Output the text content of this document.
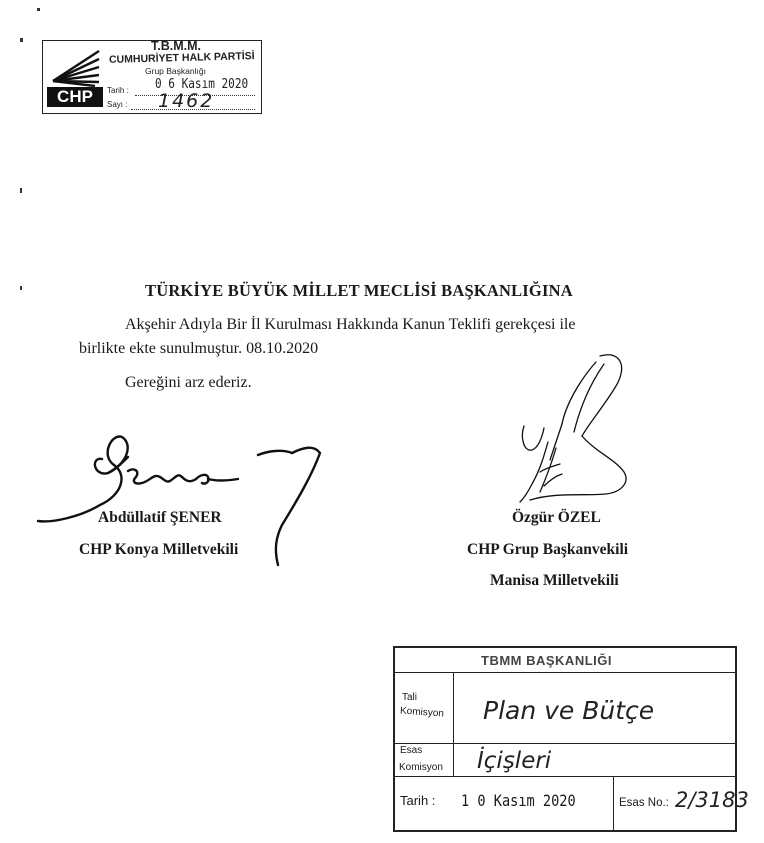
CHP
T.B.M.M.
CUMHURİYET HALK PARTİSİ
Grup Başkanlığı
Tarih : 0 6 Kasım 2020
Sayı : 1462
TÜRKİYE BÜYÜK MİLLET MECLİSİ BAŞKANLIĞINA
Akşehir Adıyla Bir İl Kurulması Hakkında Kanun Teklifi gerekçesi ile
birlikte ekte sunulmuştur. 08.10.2020
Gereğini arz ederiz.
Abdüllatif ŞENER
CHP Konya Milletvekili
Özgür ÖZEL
CHP Grup Başkanvekili
Manisa Milletvekili
TBMM BAŞKANLIĞI
Tali
Komisyon Plan ve Bütçe
Esas
Komisyon İçişleri
Tarih : 1 0 Kasım 2020	Esas No.: 2/3183
